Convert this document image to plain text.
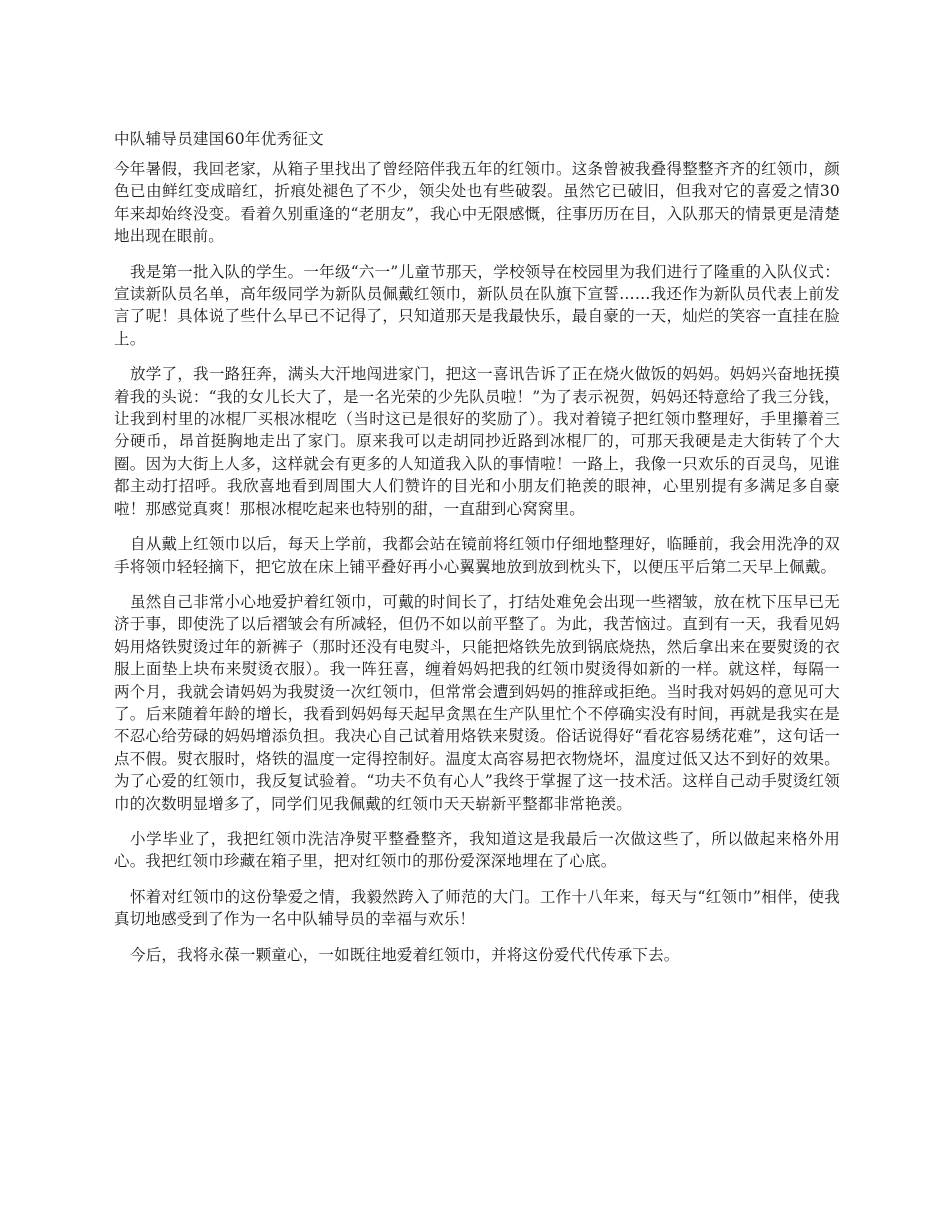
中队辅导员建国60年优秀征文

今年暑假，我回老家，从箱子里找出了曾经陪伴我五年的红领巾。这条曾被我叠得整整齐齐的红领巾，颜色已由鲜红变成暗红，折痕处褪色了不少，领尖处也有些破裂。虽然它已破旧，但我对它的喜爱之情30年来却始终没变。看着久别重逢的“老朋友”，我心中无限感慨，往事历历在目，入队那天的情景更是清楚地出现在眼前。

我是第一批入队的学生。一年级“六一”儿童节那天，学校领导在校园里为我们进行了隆重的入队仪式：宣读新队员名单，高年级同学为新队员佩戴红领巾，新队员在队旗下宣誓……我还作为新队员代表上前发言了呢！具体说了些什么早已不记得了，只知道那天是我最快乐，最自豪的一天，灿烂的笑容一直挂在脸上。

放学了，我一路狂奔，满头大汗地闯进家门，把这一喜讯告诉了正在烧火做饭的妈妈。妈妈兴奋地抚摸着我的头说：“我的女儿长大了，是一名光荣的少先队员啦！”为了表示祝贺，妈妈还特意给了我三分钱，让我到村里的冰棍厂买根冰棍吃（当时这已是很好的奖励了）。我对着镜子把红领巾整理好，手里攥着三分硬币，昂首挺胸地走出了家门。原来我可以走胡同抄近路到冰棍厂的，可那天我硬是走大街转了个大圈。因为大街上人多，这样就会有更多的人知道我入队的事情啦！一路上，我像一只欢乐的百灵鸟，见谁都主动打招呼。我欣喜地看到周围大人们赞许的目光和小朋友们艳羡的眼神，心里别提有多满足多自豪啦！那感觉真爽！那根冰棍吃起来也特别的甜，一直甜到心窝窝里。

自从戴上红领巾以后，每天上学前，我都会站在镜前将红领巾仔细地整理好，临睡前，我会用洗净的双手将领巾轻轻摘下，把它放在床上铺平叠好再小心翼翼地放到放到枕头下，以便压平后第二天早上佩戴。

虽然自己非常小心地爱护着红领巾，可戴的时间长了，打结处难免会出现一些褶皱，放在枕下压早已无济于事，即使洗了以后褶皱会有所减轻，但仍不如以前平整了。为此，我苦恼过。直到有一天，我看见妈妈用烙铁熨烫过年的新裤子（那时还没有电熨斗，只能把烙铁先放到锅底烧热，然后拿出来在要熨烫的衣服上面垫上块布来熨烫衣服）。我一阵狂喜，缠着妈妈把我的红领巾熨烫得如新的一样。就这样，每隔一两个月，我就会请妈妈为我熨烫一次红领巾，但常常会遭到妈妈的推辞或拒绝。当时我对妈妈的意见可大了。后来随着年龄的增长，我看到妈妈每天起早贪黑在生产队里忙个不停确实没有时间，再就是我实在是不忍心给劳碌的妈妈增添负担。我决心自己试着用烙铁来熨烫。俗话说得好“看花容易绣花难”，这句话一点不假。熨衣服时，烙铁的温度一定得控制好。温度太高容易把衣物烧坏，温度过低又达不到好的效果。为了心爱的红领巾，我反复试验着。“功夫不负有心人”我终于掌握了这一技术活。这样自己动手熨烫红领巾的次数明显增多了，同学们见我佩戴的红领巾天天崭新平整都非常艳羡。

小学毕业了，我把红领巾洗洁净熨平整叠整齐，我知道这是我最后一次做这些了，所以做起来格外用心。我把红领巾珍藏在箱子里，把对红领巾的那份爱深深地埋在了心底。

怀着对红领巾的这份挚爱之情，我毅然跨入了师范的大门。工作十八年来，每天与“红领巾”相伴，使我真切地感受到了作为一名中队辅导员的幸福与欢乐！

今后，我将永葆一颗童心，一如既往地爱着红领巾，并将这份爱代代传承下去。
